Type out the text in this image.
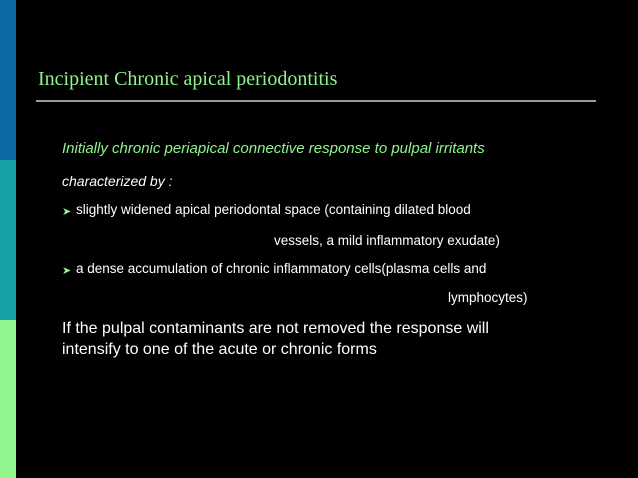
Incipient Chronic apical periodontitis
Initially chronic periapical connective response to pulpal irritants
characterized by :
➤ slightly widened apical periodontal space (containing dilated blood
vessels, a mild inflammatory exudate)
➤ a dense accumulation of chronic inflammatory cells(plasma cells and
lymphocytes)
If the pulpal contaminants are not removed the response will
intensify to one of the acute or chronic forms
